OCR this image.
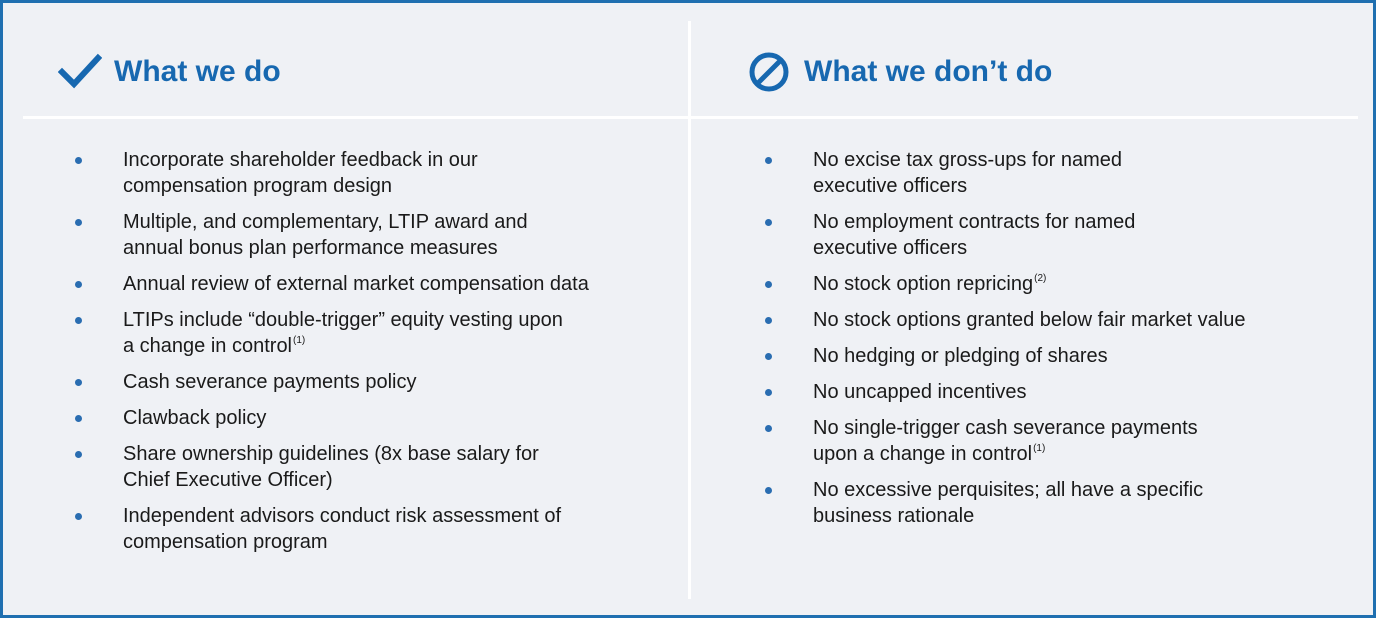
What we do	What we don’t do
Incorporate shareholder feedback in our
compensation program design
Multiple, and complementary, LTIP award and
annual bonus plan performance measures
Annual review of external market compensation data
LTIPs include “double-trigger” equity vesting upon
a change in control$^{(1)}$
Cash severance payments policy
Clawback policy
Share ownership guidelines (8x base salary for
Chief Executive Officer)
Independent advisors conduct risk assessment of
compensation program
No excise tax gross-ups for named
executive officers
No employment contracts for named
executive officers
No stock option repricing$^{(2)}$
No stock options granted below fair market value
No hedging or pledging of shares
No uncapped incentives
No single-trigger cash severance payments
upon a change in control$^{(1)}$
No excessive perquisites; all have a specific
business rationale
